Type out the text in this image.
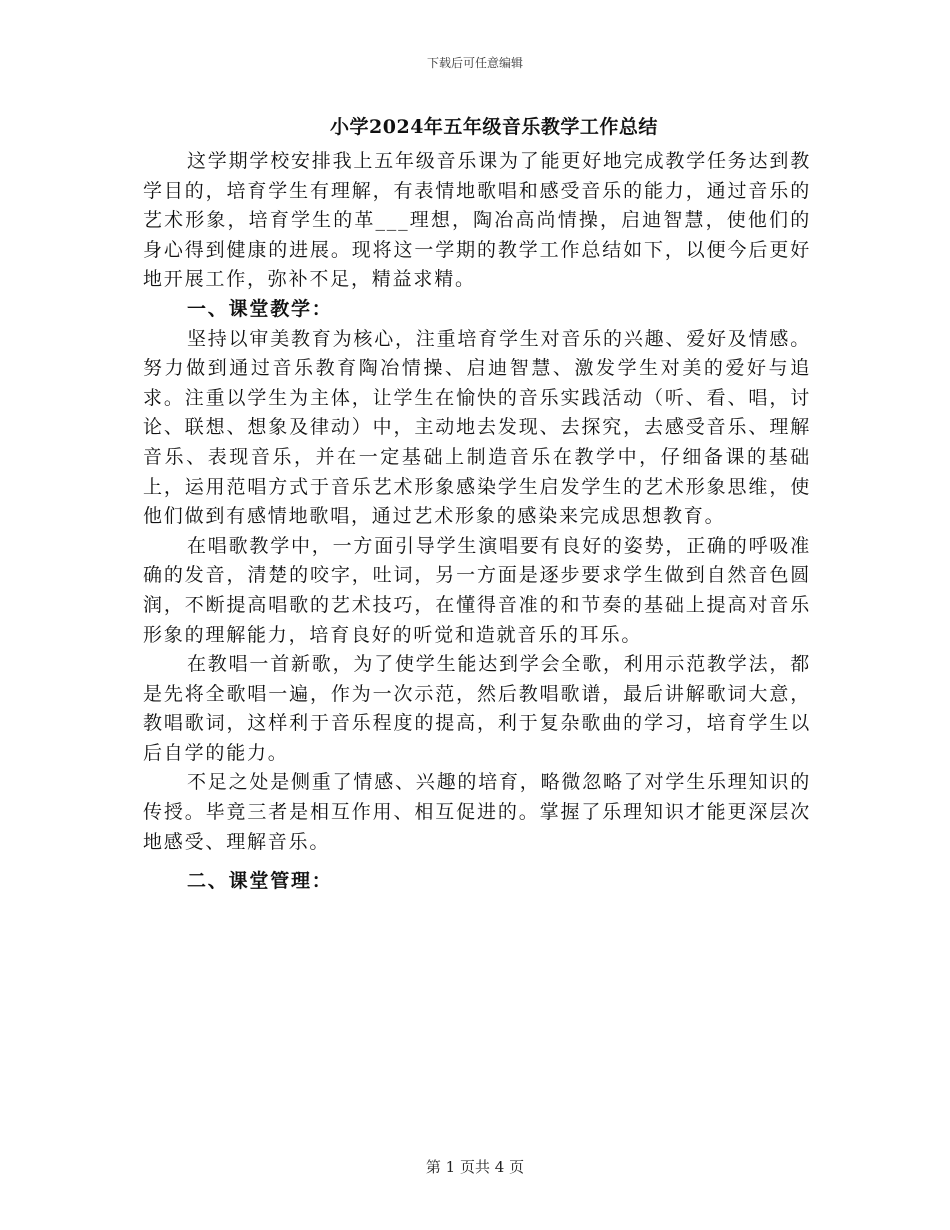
下载后可任意编辑
小学2024年五年级音乐教学工作总结

这学期学校安排我上五年级音乐课为了能更好地完成教学任务达到教学目的，培育学生有理解，有表情地歌唱和感受音乐的能力，通过音乐的艺术形象，培育学生的革___理想，陶冶高尚情操，启迪智慧，使他们的身心得到健康的进展。现将这一学期的教学工作总结如下，以便今后更好地开展工作，弥补不足，精益求精。

一、课堂教学：

坚持以审美教育为核心，注重培育学生对音乐的兴趣、爱好及情感。努力做到通过音乐教育陶冶情操、启迪智慧、激发学生对美的爱好与追求。注重以学生为主体，让学生在愉快的音乐实践活动（听、看、唱，讨论、联想、想象及律动）中，主动地去发现、去探究，去感受音乐、理解音乐、表现音乐，并在一定基础上制造音乐在教学中，仔细备课的基础上，运用范唱方式于音乐艺术形象感染学生启发学生的艺术形象思维，使他们做到有感情地歌唱，通过艺术形象的感染来完成思想教育。

在唱歌教学中，一方面引导学生演唱要有良好的姿势，正确的呼吸准确的发音，清楚的咬字，吐词，另一方面是逐步要求学生做到自然音色圆润，不断提高唱歌的艺术技巧，在懂得音准的和节奏的基础上提高对音乐形象的理解能力，培育良好的听觉和造就音乐的耳乐。

在教唱一首新歌，为了使学生能达到学会全歌，利用示范教学法，都是先将全歌唱一遍，作为一次示范，然后教唱歌谱，最后讲解歌词大意，教唱歌词，这样利于音乐程度的提高，利于复杂歌曲的学习，培育学生以后自学的能力。

不足之处是侧重了情感、兴趣的培育，略微忽略了对学生乐理知识的传授。毕竟三者是相互作用、相互促进的。掌握了乐理知识才能更深层次地感受、理解音乐。

二、课堂管理：
第 1 页共 4 页
